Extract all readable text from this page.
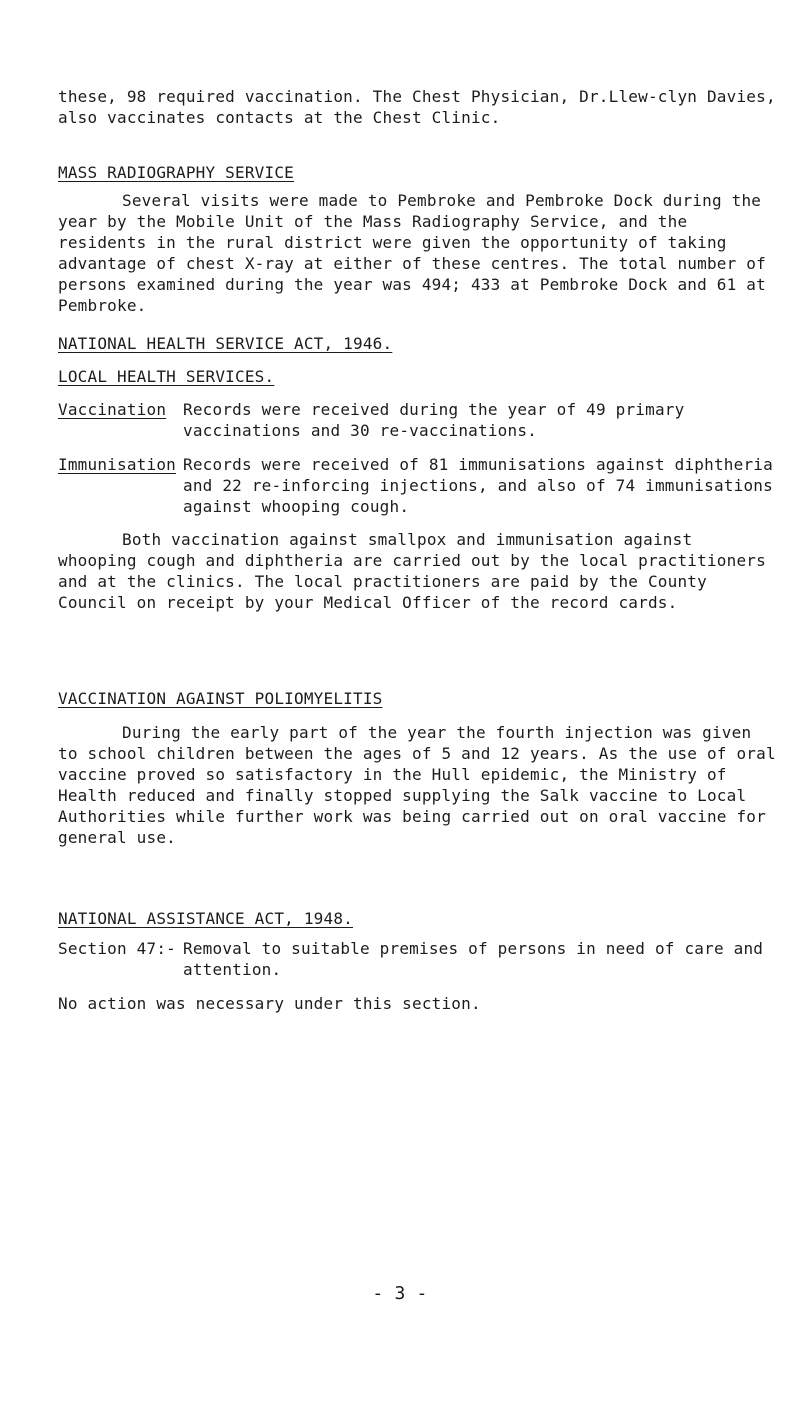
these, 98 required vaccination. The Chest Physician, Dr.Llew-clyn Davies, also vaccinates contacts at the Chest Clinic.

MASS RADIOGRAPHY SERVICE

Several visits were made to Pembroke and Pembroke Dock during the year by the Mobile Unit of the Mass Radiography Service, and the residents in the rural district were given the opportunity of taking advantage of chest X-ray at either of these centres. The total number of persons examined during the year was 494; 433 at Pembroke Dock and 61 at Pembroke.

NATIONAL HEALTH SERVICE ACT, 1946.
LOCAL HEALTH SERVICES.
Vaccination	Records were received during the year of 49 primary vaccinations and 30 re-vaccinations.
Immunisation Records were received of 81 immunisations against diphtheria and 22 re-inforcing injections, and also of 74 immunisations against whooping cough.

Both vaccination against smallpox and immunisation against whooping cough and diphtheria are carried out by the local practitioners and at the clinics. The local practitioners are paid by the County Council on receipt by your Medical Officer of the record cards.

VACCINATION AGAINST POLIOMYELITIS

During the early part of the year the fourth injection was given to school children between the ages of 5 and 12 years. As the use of oral vaccine proved so satisfactory in the Hull epidemic, the Ministry of Health reduced and finally stopped supplying the Salk vaccine to Local Authorities while further work was being carried out on oral vaccine for general use.

NATIONAL ASSISTANCE ACT, 1948.
Section 47:- Removal to suitable premises of persons in need of care and attention.

No action was necessary under this section.

- 3 -
